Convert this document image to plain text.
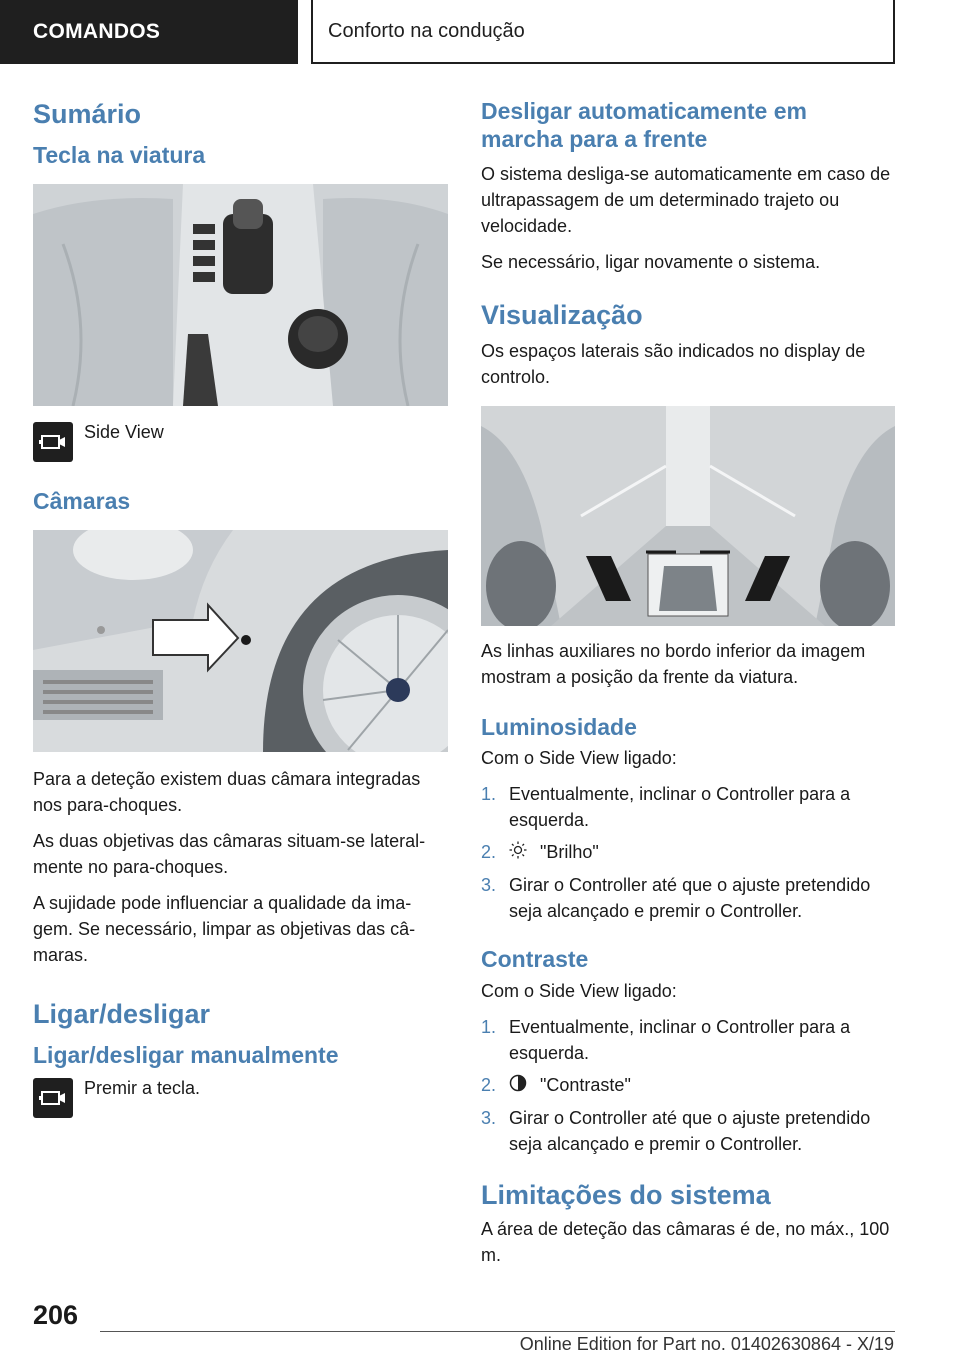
COMANDOS	Conforto na condução
Sumário
Tecla na viatura
Side View
Câmaras

Para a deteção existem duas câmara integradas nos para-choques.

As duas objetivas das câmaras situam-se lateral-mente no para-choques.

A sujidade pode influenciar a qualidade da ima-gem. Se necessário, limpar as objetivas das câ-maras.

Ligar/desligar
Ligar/desligar manualmente
Premir a tecla.
Desligar automaticamente em marcha para a frente

O sistema desliga-se automaticamente em caso de ultrapassagem de um determinado trajeto ou velocidade.

Se necessário, ligar novamente o sistema.

Visualização

Os espaços laterais são indicados no display de controlo.

As linhas auxiliares no bordo inferior da imagem mostram a posição da frente da viatura.

Luminosidade

Com o Side View ligado:

1. Eventualmente, inclinar o Controller para a esquerda.
2. "Brilho"
3. Girar o Controller até que o ajuste pretendido seja alcançado e premir o Controller.
Contraste

Com o Side View ligado:

1. Eventualmente, inclinar o Controller para a esquerda.
2. "Contraste"
3. Girar o Controller até que o ajuste pretendido seja alcançado e premir o Controller.
Limitações do sistema

A área de deteção das câmaras é de, no máx., 100 m.

206
Online Edition for Part no. 01402630864 - X/19
